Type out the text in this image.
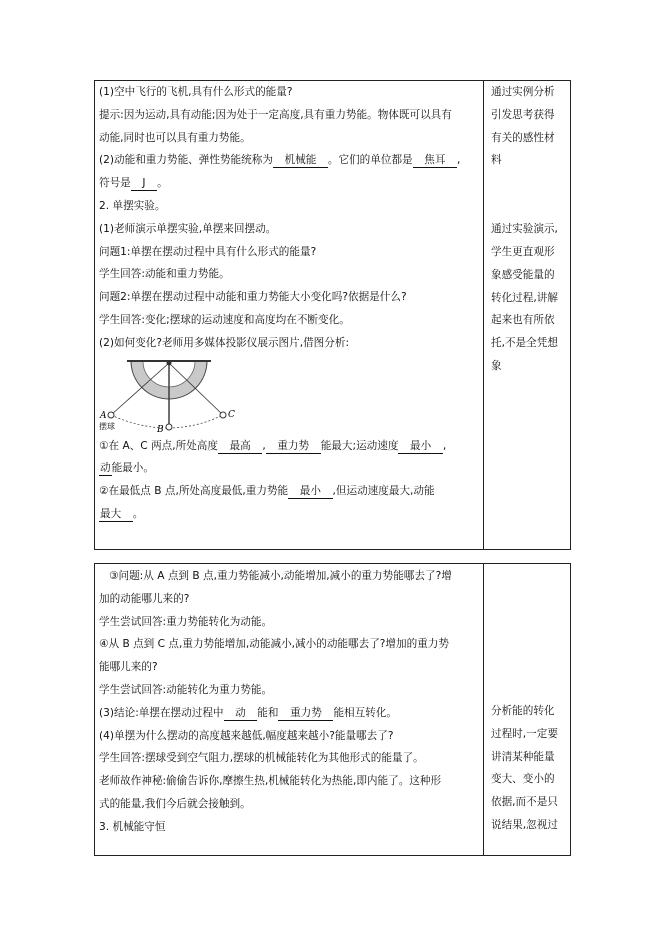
(1)空中飞行的飞机,具有什么形式的能量?
提示:因为运动,具有动能;因为处于一定高度,具有重力势能。物体既可以具有
动能,同时也可以具有重力势能。
(2)动能和重力势能、弹性势能统称为　机械能　。它们的单位都是　焦耳　,
符号是　J　。
2. 单摆实验。
(1)老师演示单摆实验,单摆来回摆动。
问题1:单摆在摆动过程中具有什么形式的能量?
学生回答:动能和重力势能。
问题2:单摆在摆动过程中动能和重力势能大小变化吗?依据是什么?
学生回答:变化;摆球的运动速度和高度均在不断变化。
(2)如何变化?老师用多媒体投影仪展示图片,借图分析:
A
摆球	B
C
①在 A、C 两点,所处高度　最高　,　重力势　能最大;运动速度　最小　,
动能最小。
②在最低点 B 点,所处高度最低,重力势能　最小　,但运动速度最大,动能
最大　。
通过实例分析引发思考获得有关的感性材料
通过实验演示,学生更直观形象感受能量的转化过程,讲解起来也有所依托,不是全凭想象
③问题:从 A 点到 B 点,重力势能减小,动能增加,减小的重力势能哪去了?增
加的动能哪儿来的?
学生尝试回答:重力势能转化为动能。
④从 B 点到 C 点,重力势能增加,动能减小,减小的动能哪去了?增加的重力势
能哪儿来的?
学生尝试回答:动能转化为重力势能。
(3)结论:单摆在摆动过程中　动　能和　重力势　能相互转化。
(4)单摆为什么摆动的高度越来越低,幅度越来越小?能量哪去了?
学生回答:摆球受到空气阻力,摆球的机械能转化为其他形式的能量了。
老师故作神秘:偷偷告诉你,摩擦生热,机械能转化为热能,即内能了。这种形
式的能量,我们今后就会接触到。
3. 机械能守恒
分析能的转化过程时,一定要讲清某种能量变大、变小的依据,而不是只说结果,忽视过
